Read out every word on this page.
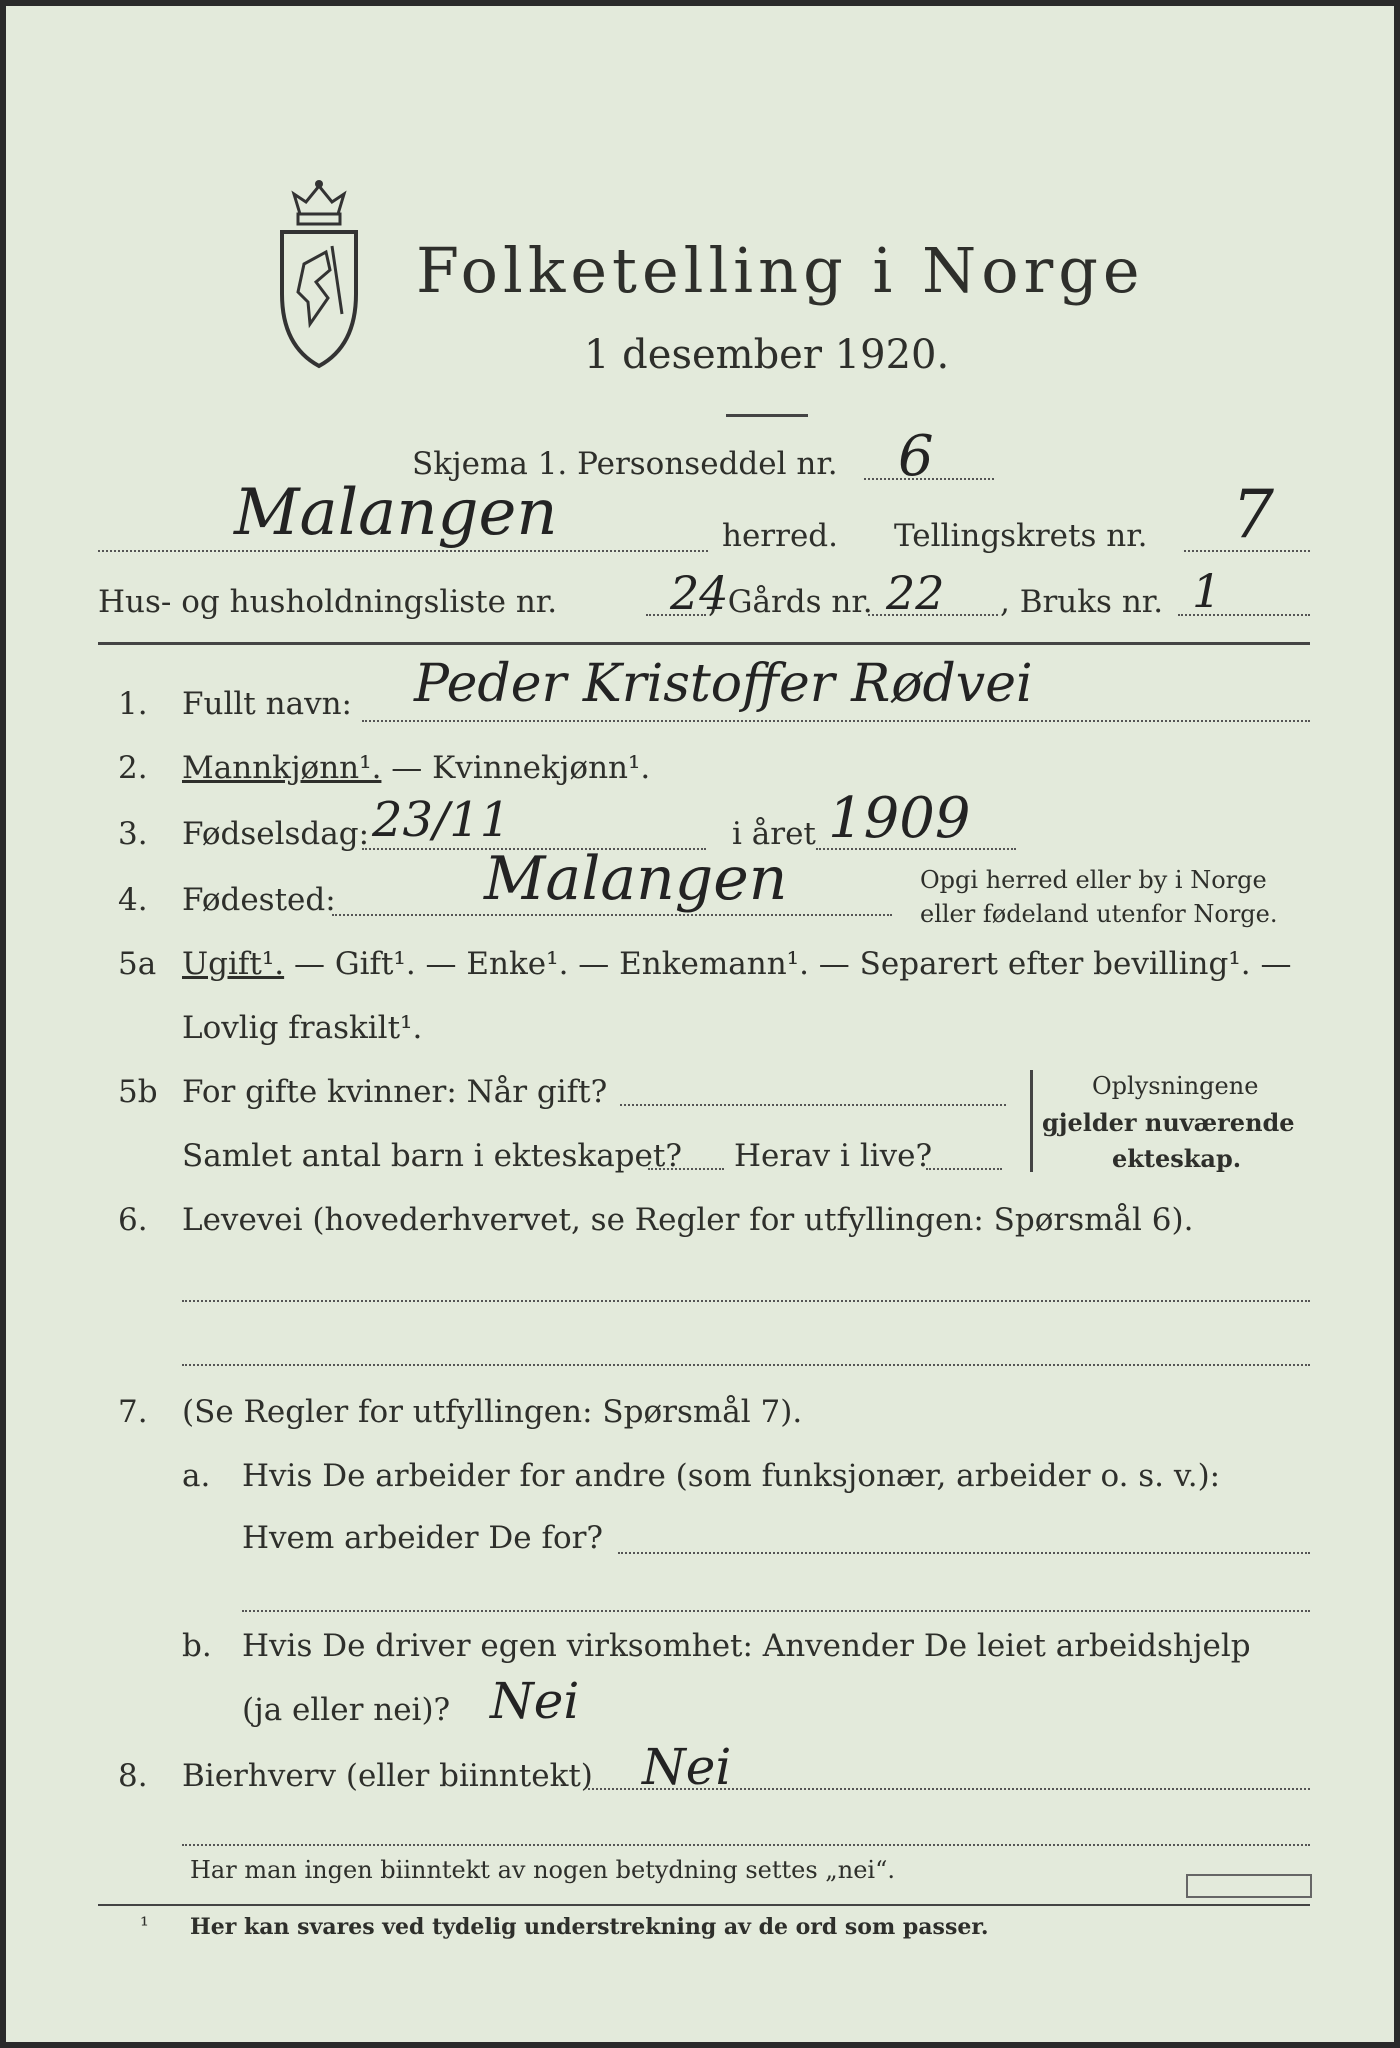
Folketelling i Norge
1 desember 1920.
Skjema 1. Personseddel nr. 6
Malangen	herred. Tellingskrets nr. 7
Hus- og husholdningsliste nr. 24
, Gårds nr. 22 , Bruks nr. 1
1. Fullt navn: Peder Kristoffer Rødvei
2. Mannkjønn¹. — Kvinnekjønn¹.
3. Fødselsdag: 23/11	i året 1909
4. Fødested: Malangen	Opgi herred eller by i Norge
eller fødeland utenfor Norge.
5a Ugift¹. — Gift¹. — Enke¹. — Enkemann¹. — Separert efter bevilling¹. —
Lovlig fraskilt¹.
5b For gifte kvinner: Når gift?
Samlet antal barn i ekteskapet? Herav i live?
Oplysningene
gjelder nuværende
ekteskap.
6. Levevei (hovederhvervet, se Regler for utfyllingen: Spørsmål 6).
7. (Se Regler for utfyllingen: Spørsmål 7).
a. Hvis De arbeider for andre (som funksjonær, arbeider o. s. v.):
Hvem arbeider De for?
b. Hvis De driver egen virksomhet: Anvender De leiet arbeidshjelp
(ja eller nei)? Nei
8. Bierhverv (eller biinntekt) Nei
Har man ingen biinntekt av nogen betydning settes „nei“.
¹ Her kan svares ved tydelig understrekning av de ord som passer.
